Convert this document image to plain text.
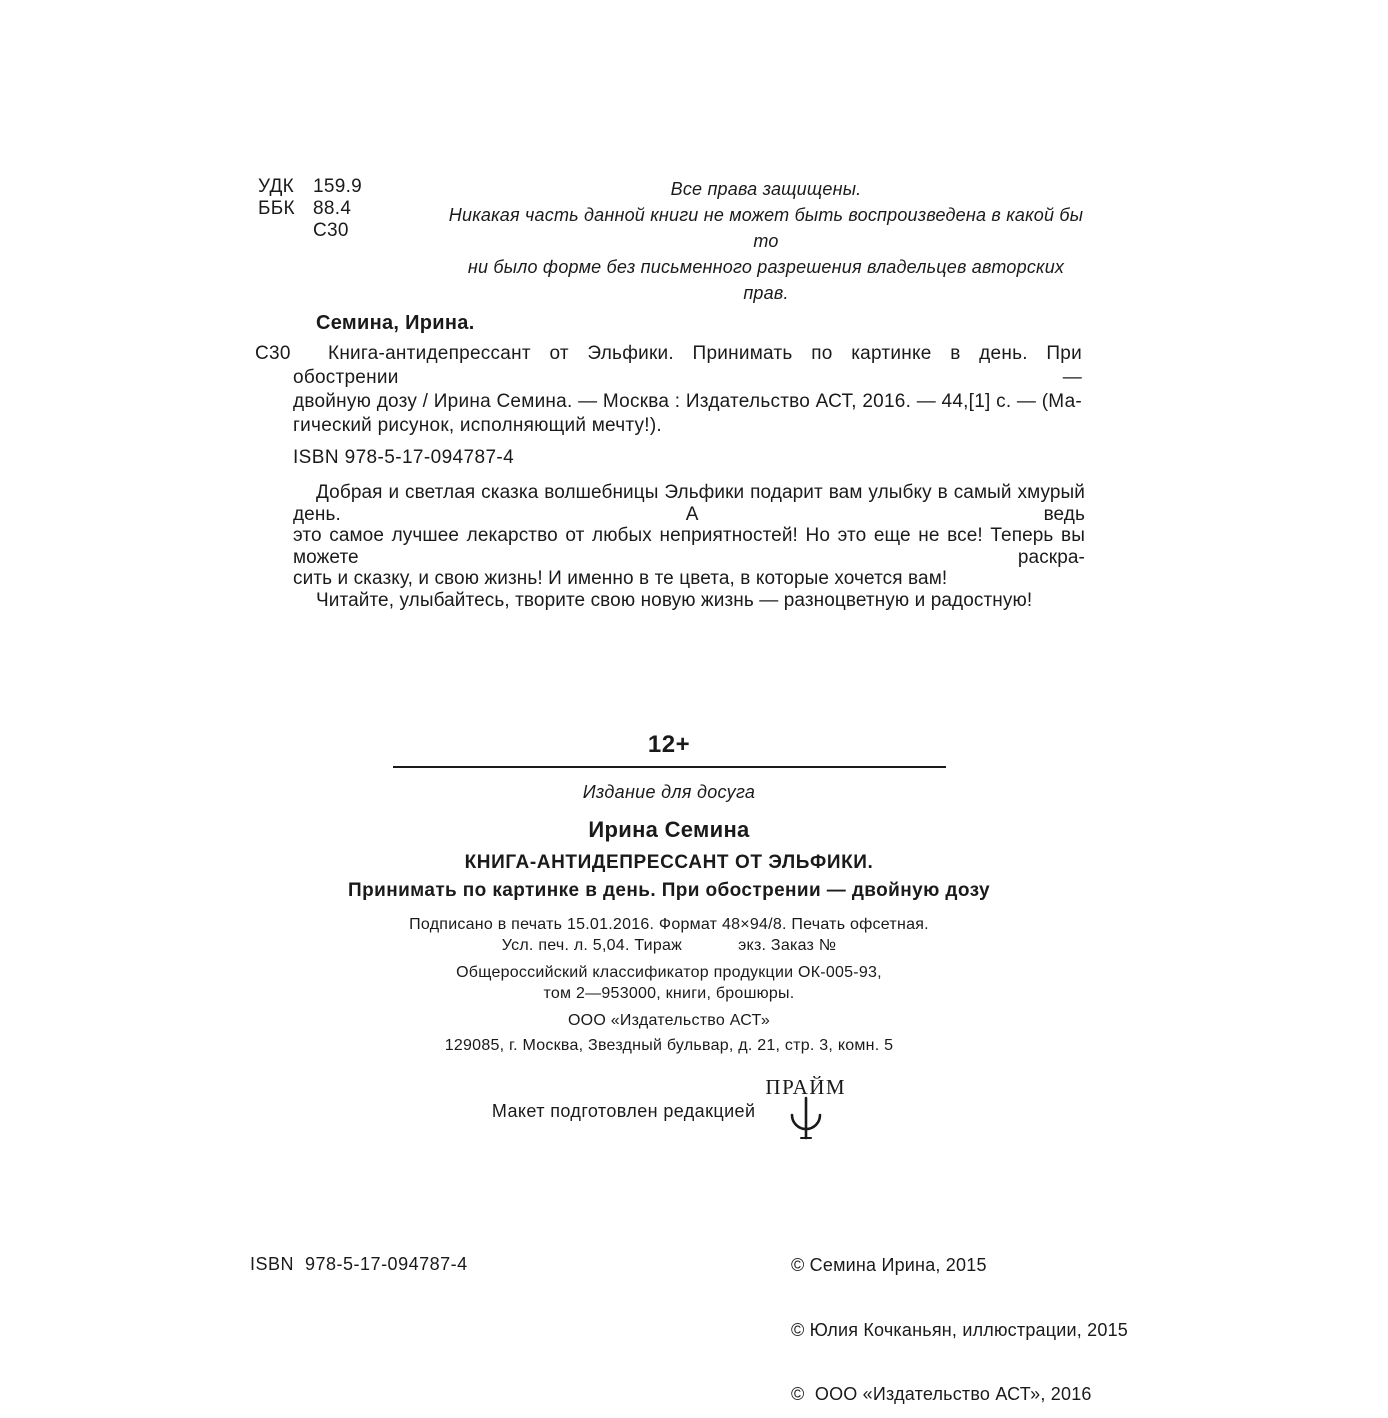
УДК 159.9
ББК 88.4
С30
Все права защищены.
Никакая часть данной книги не может быть воспроизведена в какой бы то
ни было форме без письменного разрешения владельцев авторских прав.
Семина, Ирина.
С30	Книга-антидепрессант от Эльфики. Принимать по картинке в день. При обострении —
двойную дозу / Ирина Семина. — Москва : Издательство АСТ, 2016. — 44,[1] с. — (Ма-
гический рисунок, исполняющий мечту!).
ISBN 978-5-17-094787-4
Добрая и светлая сказка волшебницы Эльфики подарит вам улыбку в самый хмурый день. А ведь
это самое лучшее лекарство от любых неприятностей! Но это еще не все! Теперь вы можете раскра-
сить и сказку, и свою жизнь! И именно в те цвета, в которые хочется вам!
Читайте, улыбайтесь, творите свою новую жизнь — разноцветную и радостную!
12+
Издание для досуга
Ирина Семина
КНИГА-АНТИДЕПРЕССАНТ ОТ ЭЛЬФИКИ.
Принимать по картинке в день. При обострении — двойную дозу
Подписано в печать 15.01.2016. Формат 48×94/8. Печать офсетная.
Усл. печ. л. 5,04. Тираж	экз. Заказ №
Общероссийский классификатор продукции ОК-005-93,
том 2—953000, книги, брошюры.
ООО «Издательство АСТ»
129085, г. Москва, Звездный бульвар, д. 21, стр. 3, комн. 5
Макет подготовлен редакцией
ПРАЙМ
ISBN  978-5-17-094787-4

	© Семина Ирина, 2015

© Юлия Кочканьян, иллюстрации, 2015

©  ООО «Издательство АСТ», 2016
